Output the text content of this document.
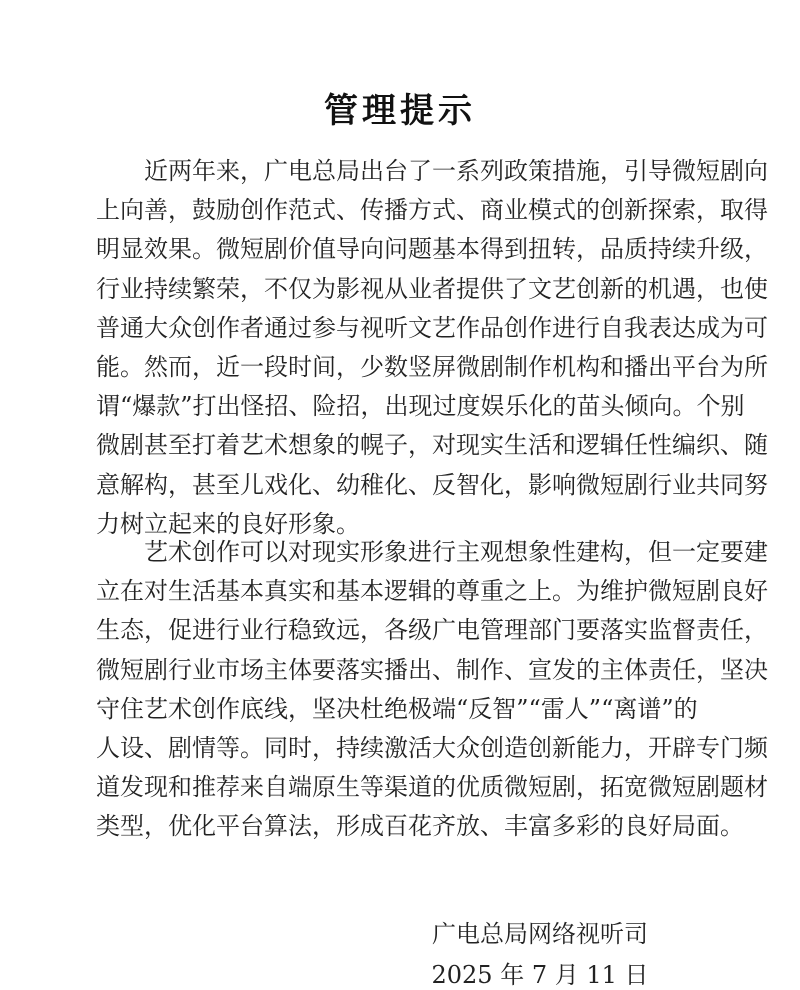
管理提示

近两年来，广电总局出台了一系列政策措施，引导微短剧向
上向善，鼓励创作范式、传播方式、商业模式的创新探索，取得
明显效果。微短剧价值导向问题基本得到扭转，品质持续升级，
行业持续繁荣，不仅为影视从业者提供了文艺创新的机遇，也使
普通大众创作者通过参与视听文艺作品创作进行自我表达成为可
能。然而，近一段时间，少数竖屏微剧制作机构和播出平台为所
谓“爆款”打出怪招、险招，出现过度娱乐化的苗头倾向。个别
微剧甚至打着艺术想象的幌子，对现实生活和逻辑任性编织、随
意解构，甚至儿戏化、幼稚化、反智化，影响微短剧行业共同努
力树立起来的良好形象。

艺术创作可以对现实形象进行主观想象性建构，但一定要建
立在对生活基本真实和基本逻辑的尊重之上。为维护微短剧良好
生态，促进行业行稳致远，各级广电管理部门要落实监督责任，
微短剧行业市场主体要落实播出、制作、宣发的主体责任，坚决
守住艺术创作底线，坚决杜绝极端“反智”“雷人”“离谱”的
人设、剧情等。同时，持续激活大众创造创新能力，开辟专门频
道发现和推荐来自端原生等渠道的优质微短剧，拓宽微短剧题材
类型，优化平台算法，形成百花齐放、丰富多彩的良好局面。

广电总局网络视听司
2025 年 7 月 11 日
